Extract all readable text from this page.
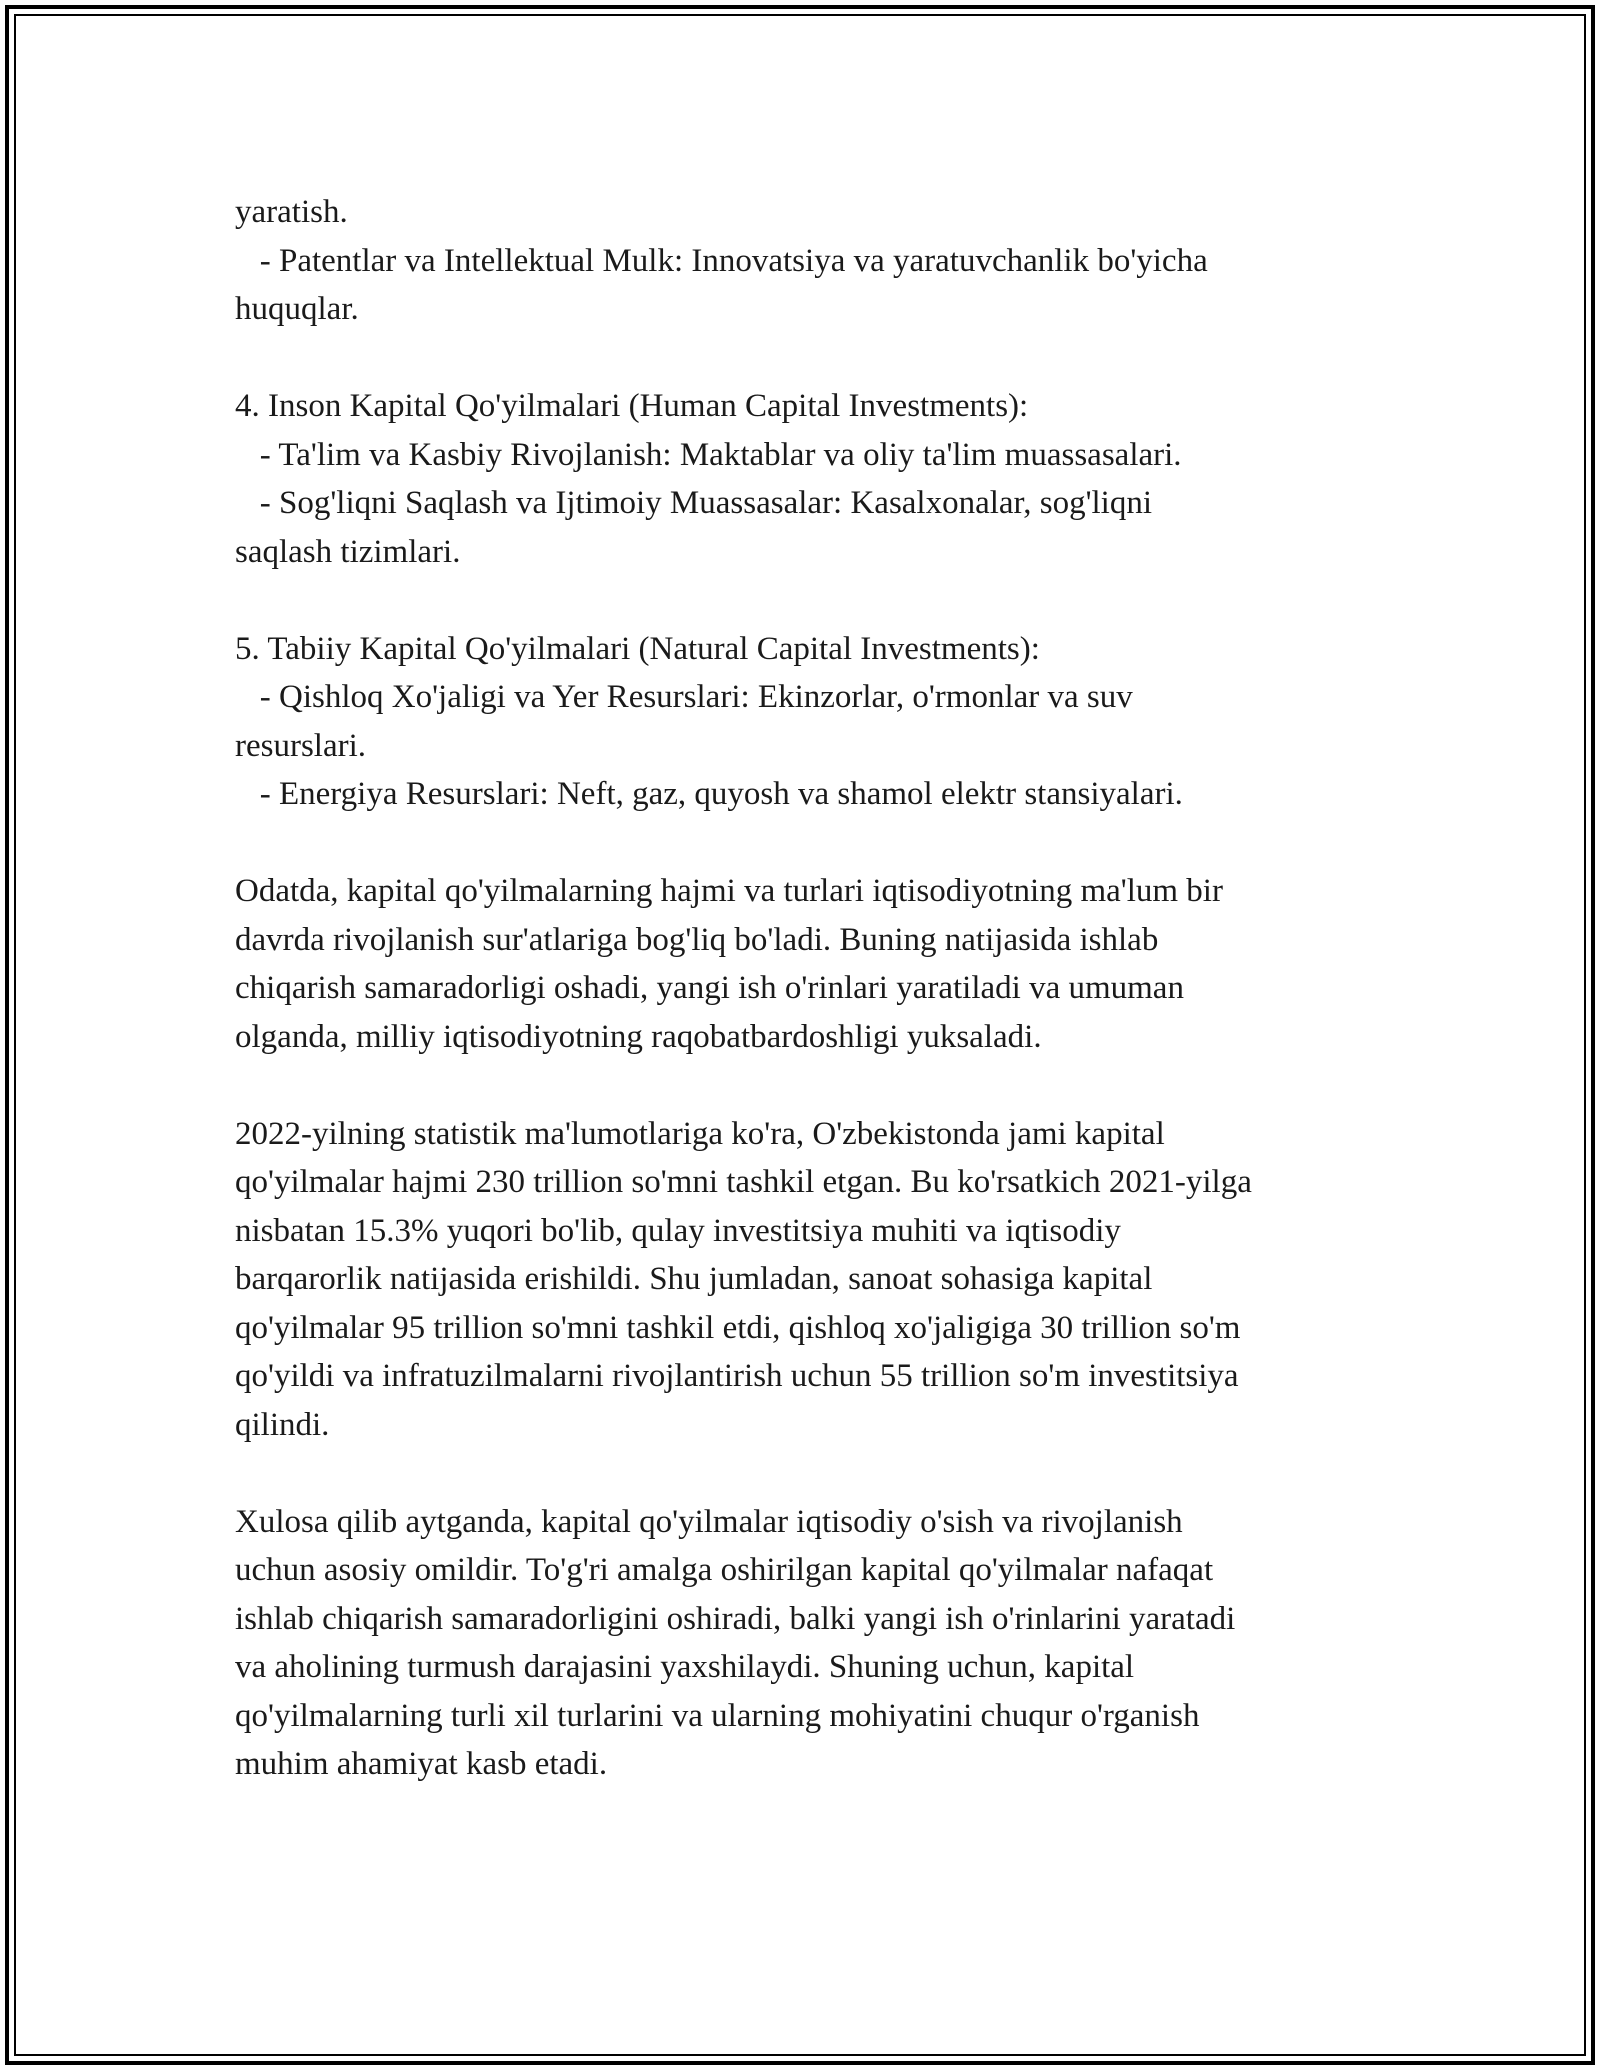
yaratish.
- Patentlar va Intellektual Mulk: Innovatsiya va yaratuvchanlik bo'yicha
huquqlar.
4. Inson Kapital Qo'yilmalari (Human Capital Investments):
- Ta'lim va Kasbiy Rivojlanish: Maktablar va oliy ta'lim muassasalari.
- Sog'liqni Saqlash va Ijtimoiy Muassasalar: Kasalxonalar, sog'liqni
saqlash tizimlari.
5. Tabiiy Kapital Qo'yilmalari (Natural Capital Investments):
- Qishloq Xo'jaligi va Yer Resurslari: Ekinzorlar, o'rmonlar va suv
resurslari.
- Energiya Resurslari: Neft, gaz, quyosh va shamol elektr stansiyalari.
Odatda, kapital qo'yilmalarning hajmi va turlari iqtisodiyotning ma'lum bir
davrda rivojlanish sur'atlariga bog'liq bo'ladi. Buning natijasida ishlab
chiqarish samaradorligi oshadi, yangi ish o'rinlari yaratiladi va umuman
olganda, milliy iqtisodiyotning raqobatbardoshligi yuksaladi.
2022-yilning statistik ma'lumotlariga ko'ra, O'zbekistonda jami kapital
qo'yilmalar hajmi 230 trillion so'mni tashkil etgan. Bu ko'rsatkich 2021-yilga
nisbatan 15.3% yuqori bo'lib, qulay investitsiya muhiti va iqtisodiy
barqarorlik natijasida erishildi. Shu jumladan, sanoat sohasiga kapital
qo'yilmalar 95 trillion so'mni tashkil etdi, qishloq xo'jaligiga 30 trillion so'm
qo'yildi va infratuzilmalarni rivojlantirish uchun 55 trillion so'm investitsiya
qilindi.
Xulosa qilib aytganda, kapital qo'yilmalar iqtisodiy o'sish va rivojlanish
uchun asosiy omildir. To'g'ri amalga oshirilgan kapital qo'yilmalar nafaqat
ishlab chiqarish samaradorligini oshiradi, balki yangi ish o'rinlarini yaratadi
va aholining turmush darajasini yaxshilaydi. Shuning uchun, kapital
qo'yilmalarning turli xil turlarini va ularning mohiyatini chuqur o'rganish
muhim ahamiyat kasb etadi.
